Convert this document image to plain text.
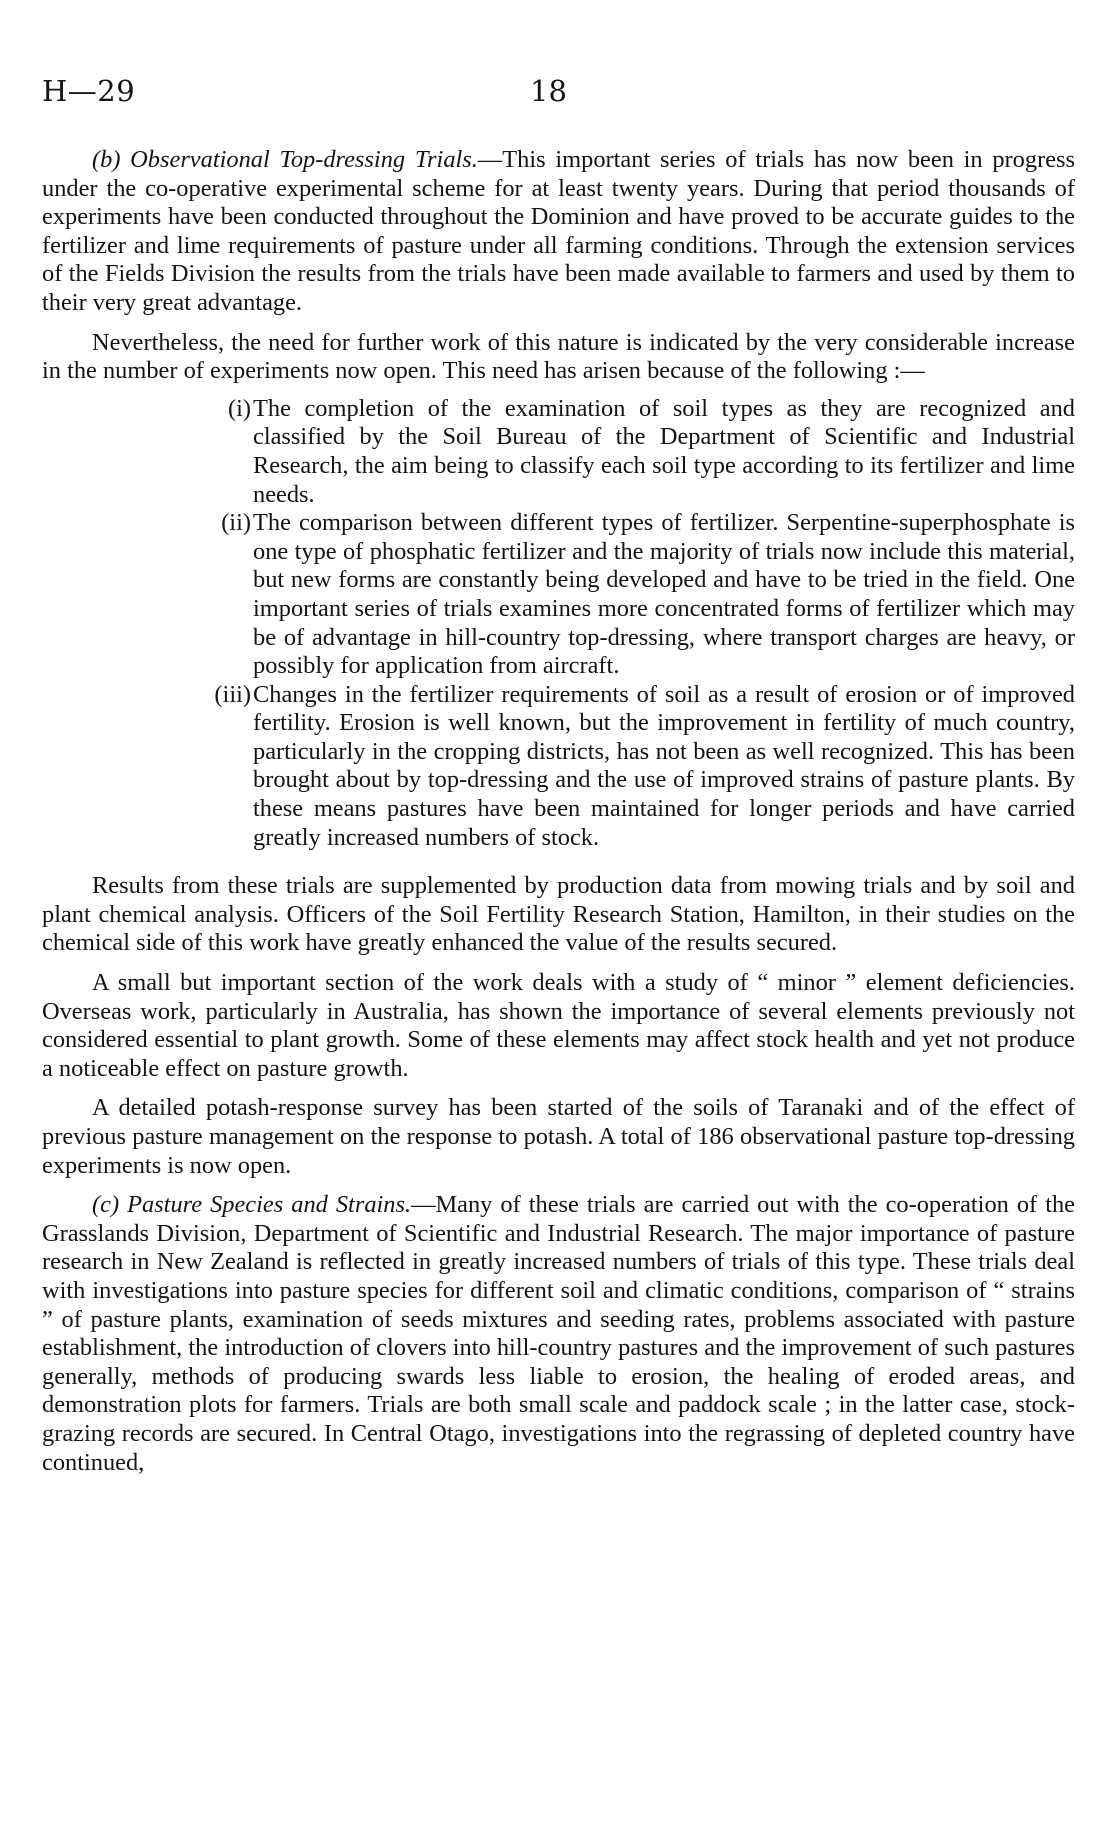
H—29	18

(b) Observational Top-dressing Trials.—This important series of trials has now been in progress under the co-operative experimental scheme for at least twenty years. During that period thousands of experiments have been conducted throughout the Dominion and have proved to be accurate guides to the fertilizer and lime requirements of pasture under all farming conditions. Through the extension services of the Fields Division the results from the trials have been made available to farmers and used by them to their very great advantage.

Nevertheless, the need for further work of this nature is indicated by the very considerable increase in the number of experiments now open. This need has arisen because of the following :—

(i) The completion of the examination of soil types as they are recognized and classified by the Soil Bureau of the Department of Scientific and Industrial Research, the aim being to classify each soil type according to its fertilizer and lime needs.
(ii) The comparison between different types of fertilizer. Serpentine-superphosphate is one type of phosphatic fertilizer and the majority of trials now include this material, but new forms are constantly being developed and have to be tried in the field. One important series of trials examines more concentrated forms of fertilizer which may be of advantage in hill-country top-dressing, where transport charges are heavy, or possibly for application from aircraft.
(iii) Changes in the fertilizer requirements of soil as a result of erosion or of improved fertility. Erosion is well known, but the improvement in fertility of much country, particularly in the cropping districts, has not been as well recognized. This has been brought about by top-dressing and the use of improved strains of pasture plants. By these means pastures have been maintained for longer periods and have carried greatly increased numbers of stock.

Results from these trials are supplemented by production data from mowing trials and by soil and plant chemical analysis. Officers of the Soil Fertility Research Station, Hamilton, in their studies on the chemical side of this work have greatly enhanced the value of the results secured.

A small but important section of the work deals with a study of “ minor ” element deficiencies. Overseas work, particularly in Australia, has shown the importance of several elements previously not considered essential to plant growth. Some of these elements may affect stock health and yet not produce a noticeable effect on pasture growth.

A detailed potash-response survey has been started of the soils of Taranaki and of the effect of previous pasture management on the response to potash. A total of 186 observational pasture top-dressing experiments is now open.

(c) Pasture Species and Strains.—Many of these trials are carried out with the co-operation of the Grasslands Division, Department of Scientific and Industrial Research. The major importance of pasture research in New Zealand is reflected in greatly increased numbers of trials of this type. These trials deal with investigations into pasture species for different soil and climatic conditions, comparison of “ strains ” of pasture plants, examination of seeds mixtures and seeding rates, problems associated with pasture establishment, the introduction of clovers into hill-country pastures and the improvement of such pastures generally, methods of producing swards less liable to erosion, the healing of eroded areas, and demonstration plots for farmers. Trials are both small scale and paddock scale ; in the latter case, stock-grazing records are secured. In Central Otago, investigations into the regrassing of depleted country have continued,
